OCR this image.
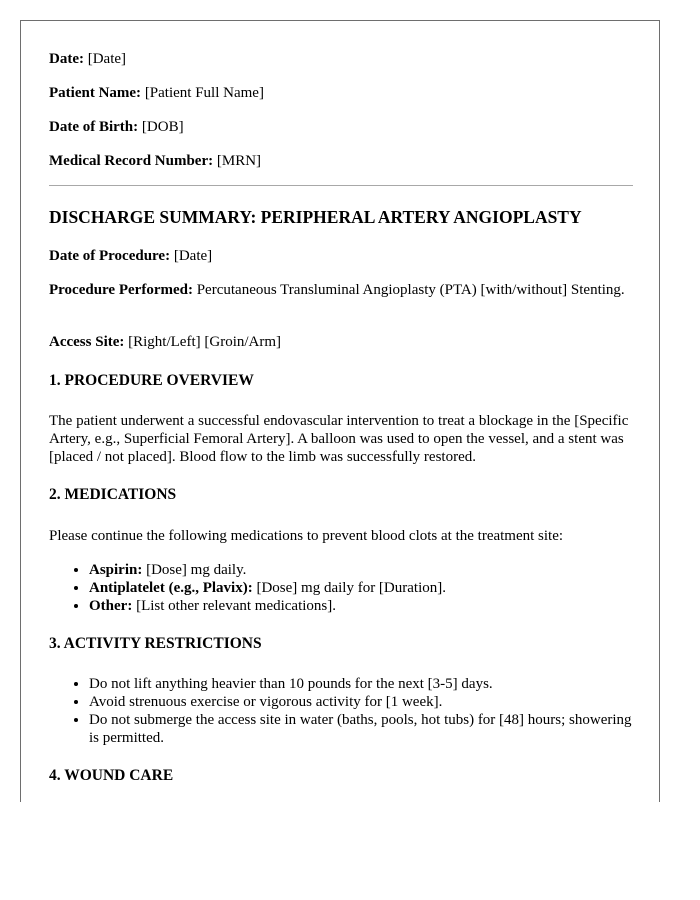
Date: [Date]

Patient Name: [Patient Full Name]

Date of Birth: [DOB]

Medical Record Number: [MRN]

DISCHARGE SUMMARY: PERIPHERAL ARTERY ANGIOPLASTY

Date of Procedure: [Date]

Procedure Performed: Percutaneous Transluminal Angioplasty (PTA) [with/without] Stenting.

Access Site: [Right/Left] [Groin/Arm]

1. PROCEDURE OVERVIEW

The patient underwent a successful endovascular intervention to treat a blockage in the [Specific Artery, e.g., Superficial Femoral Artery]. A balloon was used to open the vessel, and a stent was [placed / not placed]. Blood flow to the limb was successfully restored.

2. MEDICATIONS

Please continue the following medications to prevent blood clots at the treatment site:

• Aspirin: [Dose] mg daily.
• Antiplatelet (e.g., Plavix): [Dose] mg daily for [Duration].
• Other: [List other relevant medications].
3. ACTIVITY RESTRICTIONS
• Do not lift anything heavier than 10 pounds for the next [3-5] days.
• Avoid strenuous exercise or vigorous activity for [1 week].
• Do not submerge the access site in water (baths, pools, hot tubs) for [48] hours; showering is permitted.
4. WOUND CARE
